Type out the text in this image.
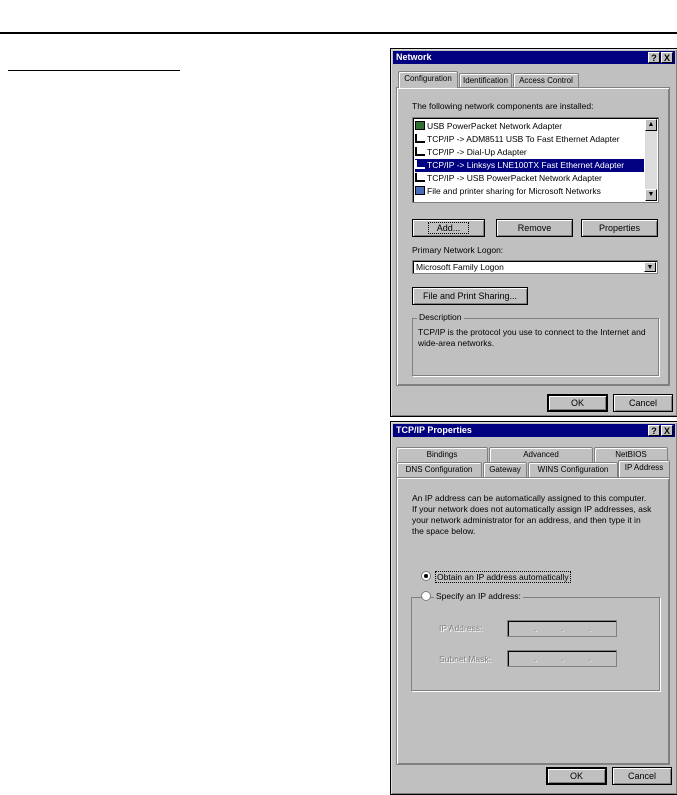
Network	? X
Configuration	Identification	Access Control
The following network components are installed:
USB PowerPacket Network Adapter
TCP/IP -> ADM8511 USB To Fast Ethernet Adapter
TCP/IP -> Dial-Up Adapter
TCP/IP -> Linksys LNE100TX Fast Ethernet Adapter
TCP/IP -> USB PowerPacket Network Adapter
File and printer sharing for Microsoft Networks
▲
▼
Add...	Remove	Properties
Primary Network Logon:
Microsoft Family Logon	▼
File and Print Sharing...
Description
TCP/IP is the protocol you use to connect to the Internet and
wide-area networks.
OK	Cancel
TCP/IP Properties	? X
Bindings	Advanced	NetBIOS
DNS Configuration	Gateway	WINS Configuration	IP Address
An IP address can be automatically assigned to this computer.
If your network does not automatically assign IP addresses, ask
your network administrator for an address, and then type it in
the space below.
Obtain an IP address automatically
Specify an IP address:
IP Address:	.	.	.
Subnet Mask:	.	.	.
OK	Cancel
